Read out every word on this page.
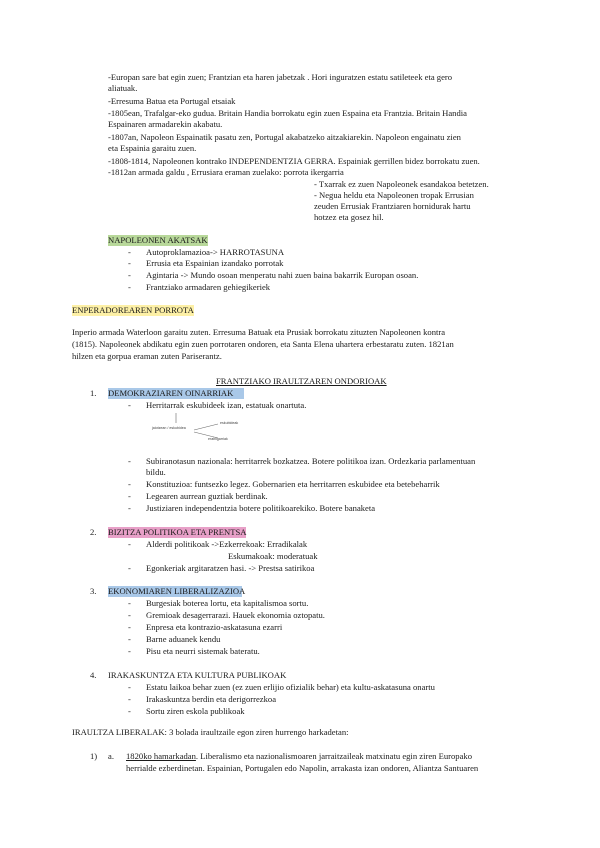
-Europan sare bat egin zuen; Frantzian eta haren jabetzak . Hori inguratzen estatu satileteek eta gero
aliatuak.
-Erresuma Batua eta Portugal etsaiak
-1805ean, Trafalgar-eko gudua. Britain Handia borrokatu egin zuen Espaina eta Frantzia. Britain Handia
Espainaren armadarekin akabatu.
-1807an, Napoleon Espainatik pasatu zen, Portugal akabatzeko aitzakiarekin. Napoleon engainatu zien
eta Espainia garaitu zuen.
-1808-1814, Napoleonen kontrako INDEPENDENTZIA GERRA. Espainiak gerrillen bidez borrokatu zuen.
-1812an armada galdu , Errusiara eraman zuelako: porrota ikergarria
- Txarrak ez zuen Napoleonek esandakoa betetzen.
- Negua heldu eta Napoleonen tropak Errusian
zeuden Errusiak Frantziaren hornidurak hartu
hotzez eta gosez hil.
NAPOLEONEN AKATSAK
- Autoproklamazioa-> HARROTASUNA
- Errusia eta Espainian izandako porrotak
- Agintaria -> Mundo osoan menperatu nahi zuen baina bakarrik Europan osoan.
- Frantziako armadaren gehiegikeriek
ENPERADOREAREN PORROTA
Inperio armada Waterloon garaitu zuten. Erresuma Batuak eta Prusiak borrokatu zituzten Napoleonen kontra
(1815). Napoleonek abdikatu egin zuen porrotaren ondoren, eta Santa Elena uhartera erbestaratu zuten. 1821an
hilzen eta gorpua eraman zuten Pariserantz.
FRANTZIAKO IRAULTZAREN ONDORIOAK
1. DEMOKRAZIAREN OINARRIAK
- Herritarrak eskubideek izan, estatuak onartuta.
jaiotzean / eskubidea
eskubideak
erabilgarriak
- Subiranotasun nazionala: herritarrek bozkatzea. Botere politikoa izan. Ordezkaria parlamentuan
bildu.
- Konstituzioa: funtsezko legez. Gobernarien eta herritarren eskubidee eta betebeharrik
- Legearen aurrean guztiak berdinak.
- Justiziaren independentzia botere politikoarekiko. Botere banaketa
2. BIZITZA POLITIKOA ETA PRENTSA
- Alderdi politikoak ->Ezkerrekoak: Erradikalak
Eskumakoak: moderatuak
- Egonkeriak argitaratzen hasi. -> Prestsa satirikoa
3. EKONOMIAREN LIBERALIZAZIOA
- Burgesiak boterea lortu, eta kapitalismoa sortu.
- Gremioak desagerrarazi. Hauek ekonomia oztopatu.
- Enpresa eta kontrazio-askatasuna ezarri
- Barne aduanek kendu
- Pisu eta neurri sistemak bateratu.
4. IRAKASKUNTZA ETA KULTURA PUBLIKOAK
- Estatu laikoa behar zuen (ez zuen erlijio ofizialik behar) eta kultu-askatasuna onartu
- Irakaskuntza berdin eta derigorrezkoa
- Sortu ziren eskola publikoak
IRAULTZA LIBERALAK: 3 bolada iraultzaile egon ziren hurrengo harkadetan:
1) a. 1820ko hamarkadan. Liberalismo eta nazionalismoaren jarraitzaileak matxinatu egin ziren Europako
herrialde ezberdinetan. Espainian, Portugalen edo Napolin, arrakasta izan ondoren, Aliantza Santuaren
